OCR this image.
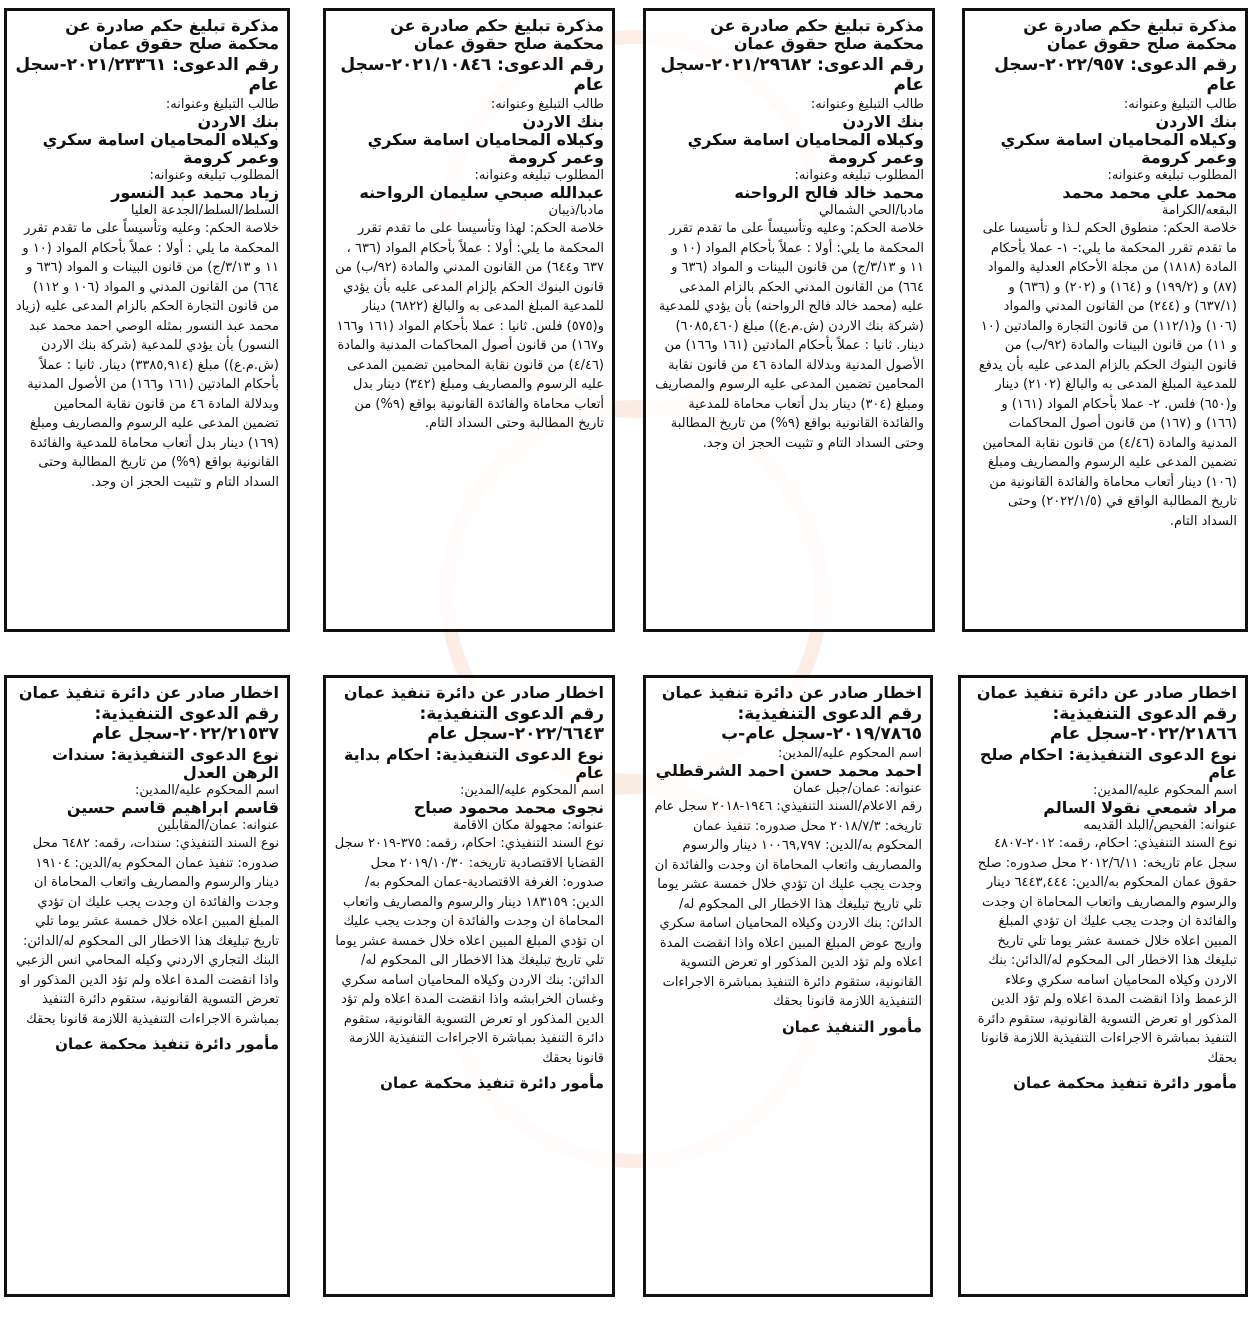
مذكرة تبليغ حكم صادرة عن محكمة صلح حقوق عمان
رقم الدعوى: ٢٠٢٢/٩٥٧-سجل عام
طالب التبليغ وعنوانه:
بنك الاردن
وكيلاه المحاميان اسامة سكري وعمر كرومة
المطلوب تبليغه وعنوانه:
محمد علي محمد محمد
البقعه/الكرامة
خلاصة الحكم: منطوق الحكم لـذا و تأسيسا على ما تقدم تقرر المحكمة ما يلي:- ١- عملا بأحكام المادة (١٨١٨) من مجلة الأحكام العدلية والمواد (٨٧) و (١٩٩/٢) و (١٦٤) و (٢٠٢) و (٦٣٦) و (٦٣٧/١) و (٢٤٤) من القانون المدني والمواد (١٠٦) و(١١٢/١) من قانون التجارة والمادتين (١٠ و ١١) من قانون البينات والمادة (٩٢/ب) من قانون البنوك الحكم بالزام المدعى عليه بأن يدفع للمدعية المبلغ المدعى به والبالغ (٢١٠٢) دينار و(٦٥٠) فلس. ٢- عملا بأحكام المواد (١٦١) و (١٦٦) و (١٦٧) من قانون أصول المحاكمات المدنية والمادة (٤/٤٦) من قانون نقابة المحامين تضمين المدعى عليه الرسوم والمصاريف ومبلغ (١٠٦) دينار أتعاب محاماة والفائدة القانونية من تاريخ المطالبة الواقع في (٢٠٢٢/١/٥) وحتى السداد التام.
مذكرة تبليغ حكم صادرة عن محكمة صلح حقوق عمان
رقم الدعوى: ٢٠٢١/٢٩٦٨٢-سجل عام
طالب التبليغ وعنوانه:
بنك الاردن
وكيلاه المحاميان اسامة سكري وعمر كرومة
المطلوب تبليغه وعنوانه:
محمد خالد فالح الرواحنه
مادبا/الحي الشمالي
خلاصة الحكم: وعليه وتأسيساً على ما تقدم تقرر المحكمة ما يلي: أولا : عملاً بأحكام المواد (١٠ و ١١ و ٣/١٣/ج) من قانون البينات و المواد (٦٣٦ و ٦٦٤) من القانون المدني الحكم بالزام المدعى عليه (محمد خالد فالح الرواحنه) بأن يؤدي للمدعية (شركة بنك الاردن (ش.م.ع)) مبلغ (٦٠٨٥,٤٦٠) دينار. ثانيا : عملاً بأحكام المادتين (١٦١ و١٦٦) من الأصول المدنية وبدلالة المادة ٤٦ من قانون نقابة المحامين تضمين المدعى عليه الرسوم والمصاريف ومبلغ (٣٠٤) دينار بدل أتعاب محاماة للمدعية والفائدة القانونية بواقع (٩%) من تاريخ المطالبة وحتى السداد التام و تثبيت الحجز ان وجد.
مذكرة تبليغ حكم صادرة عن محكمة صلح حقوق عمان
رقم الدعوى: ٢٠٢١/١٠٨٤٦-سجل عام
طالب التبليغ وعنوانه:
بنك الاردن
وكيلاه المحاميان اسامة سكري وعمر كرومة
المطلوب تبليغه وعنوانه:
عبدالله صبحي سليمان الرواحنه
مادبا/ذيبان
خلاصة الحكم: لهذا وتأسيسا على ما تقدم تقرر المحكمة ما يلي: أولا : عملاً بأحكام المواد (٦٣٦ ، ٦٣٧ و٦٤٤) من القانون المدني والمادة (٩٢/ب) من قانون البنوك الحكم بإلزام المدعى عليه بأن يؤدي للمدعية المبلغ المدعى به والبالغ (٦٨٢٢) دينار و(٥٧٥) فلس. ثانيا : عملا بأحكام المواد (١٦١ و١٦٦ و١٦٧) من قانون أصول المحاكمات المدنية والمادة (٤/٤٦) من قانون نقابة المحامين تضمين المدعى عليه الرسوم والمصاريف ومبلغ (٣٤٢) دينار بدل أتعاب محاماة والفائدة القانونية بواقع (٩%) من تاريخ المطالبة وحتى السداد التام.
مذكرة تبليغ حكم صادرة عن محكمة صلح حقوق عمان
رقم الدعوى: ٢٠٢١/٢٣٣٦١-سجل عام
طالب التبليغ وعنوانه:
بنك الاردن
وكيلاه المحاميان اسامة سكري وعمر كرومة
المطلوب تبليغه وعنوانه:
زياد محمد عبد النسور
السلط/السلط/الجدعة العليا
خلاصة الحكم: وعليه وتأسيساً على ما تقدم تقرر المحكمة ما يلي : أولا : عملاً بأحكام المواد (١٠ و ١١ و ٣/١٣/ج) من قانون البينات و المواد (٦٣٦ و ٦٦٤) من القانون المدني و المواد (١٠٦ و ١١٢) من قانون التجارة الحكم بالزام المدعى عليه (زياد محمد عبد النسور بمثله الوصي احمد محمد عبد النسور) بأن يؤدي للمدعية (شركة بنك الاردن (ش.م.ع)) مبلغ (٣٣٨٥,٩١٤) دينار. ثانيا : عملاً بأحكام المادتين (١٦١ و١٦٦) من الأصول المدنية وبدلالة المادة ٤٦ من قانون نقابة المحامين تضمين المدعى عليه الرسوم والمصاريف ومبلغ (١٦٩) دينار بدل أتعاب محاماة للمدعية والفائدة القانونية بواقع (٩%) من تاريخ المطالبة وحتى السداد التام و تثبيت الحجز ان وجد.
اخطار صادر عن دائرة تنفيذ عمان
رقم الدعوى التنفيذية: ٢٠٢٢/٢١٨٦٦-سجل عام
نوع الدعوى التنفيذية: احكام صلح عام
اسم المحكوم عليه/المدين:
مراد شمعي نقولا السالم
عنوانه: الفحيص/البلد القديمه
نوع السند التنفيذي: احكام، رقمه: ٢٠١٢-٤٨٠٧ سجل عام تاريخه: ٢٠١٢/٦/١١ محل صدوره: صلح حقوق عمان المحكوم به/الدين: ٦٤٤٣,٤٤٤ دينار والرسوم والمصاريف واتعاب المحاماة ان وجدت والفائدة ان وجدت يجب عليك ان تؤدي المبلغ المبين اعلاه خلال خمسة عشر يوما تلي تاريخ تبليغك هذا الاخطار الى المحكوم له/الدائن: بنك الاردن وكيلاه المحاميان اسامه سكري وعلاء الزعمط واذا انقضت المدة اعلاه ولم تؤد الدين المذكور او تعرض التسوية القانونية، ستقوم دائرة التنفيذ بمباشرة الاجراءات التنفيذية اللازمة قانونا بحقك
مأمور دائرة تنفيذ محكمة عمان
اخطار صادر عن دائرة تنفيذ عمان
رقم الدعوى التنفيذية: ٢٠١٩/٧٨٦٥-سجل عام-ب
اسم المحكوم عليه/المدين:
احمد محمد حسن احمد الشرقطلي
عنوانه: عمان/جبل عمان
رقم الاعلام/السند التنفيذي: ١٩٤٦-٢٠١٨ سجل عام تاريخه: ٢٠١٨/٧/٣ محل صدوره: تنفيذ عمان المحكوم به/الدين: ١٠٠٦٩,٧٩٧ دينار والرسوم والمصاريف واتعاب المحاماة ان وجدت والفائدة ان وجدت يجب عليك ان تؤدي خلال خمسة عشر يوما تلي تاريخ تبليغك هذا الاخطار الى المحكوم له/الدائن: بنك الاردن وكيلاه المحاميان اسامة سكري واريج عوض المبلغ المبين اعلاه واذا انقضت المدة اعلاه ولم تؤد الدين المذكور او تعرض التسوية القانونية، ستقوم دائرة التنفيذ بمباشرة الاجراءات التنفيذية اللازمة قانونا بحقك
مأمور التنفيذ عمان
اخطار صادر عن دائرة تنفيذ عمان
رقم الدعوى التنفيذية: ٢٠٢٢/٦٦٤٣-سجل عام
نوع الدعوى التنفيذية: احكام بداية عام
اسم المحكوم عليه/المدين:
نجوى محمد محمود صباح
عنوانه: مجهولة مكان الاقامة
نوع السند التنفيذي: احكام، رقمه: ٣٧٥-٢٠١٩ سجل القضايا الاقتصادية تاريخه: ٢٠١٩/١٠/٣٠ محل صدوره: الغرفة الاقتصادية-عمان المحكوم به/الدين: ١٨٣١٥٩ دينار والرسوم والمصاريف واتعاب المحاماة ان وجدت والفائدة ان وجدت يجب عليك ان تؤدي المبلغ المبين اعلاه خلال خمسة عشر يوما تلي تاريخ تبليغك هذا الاخطار الى المحكوم له/الدائن: بنك الاردن وكيلاه المحاميان اسامه سكري وغسان الخرابشه واذا انقضت المدة اعلاه ولم تؤد الدين المذكور او تعرض التسوية القانونية، ستقوم دائرة التنفيذ بمباشرة الاجراءات التنفيذية اللازمة قانونا بحقك
مأمور دائرة تنفيذ محكمة عمان
اخطار صادر عن دائرة تنفيذ عمان
رقم الدعوى التنفيذية: ٢٠٢٢/٢١٥٣٧-سجل عام
نوع الدعوى التنفيذية: سندات الرهن العدل
اسم المحكوم عليه/المدين:
قاسم ابراهيم قاسم حسين
عنوانه: عمان/المقابلين
نوع السند التنفيذي: سندات، رقمه: ٦٤٨٢ محل صدوره: تنفيذ عمان المحكوم به/الدين: ١٩١٠٤ دينار والرسوم والمصاريف واتعاب المحاماة ان وجدت والفائدة ان وجدت يجب عليك ان تؤدي المبلغ المبين اعلاه خلال خمسة عشر يوما تلي تاريخ تبليغك هذا الاخطار الى المحكوم له/الدائن: البنك التجاري الاردني وكيله المحامي انس الزعبي واذا انقضت المدة اعلاه ولم تؤد الدين المذكور او تعرض التسوية القانونية، ستقوم دائرة التنفيذ بمباشرة الاجراءات التنفيذية اللازمة قانونا بحقك
مأمور دائرة تنفيذ محكمة عمان
